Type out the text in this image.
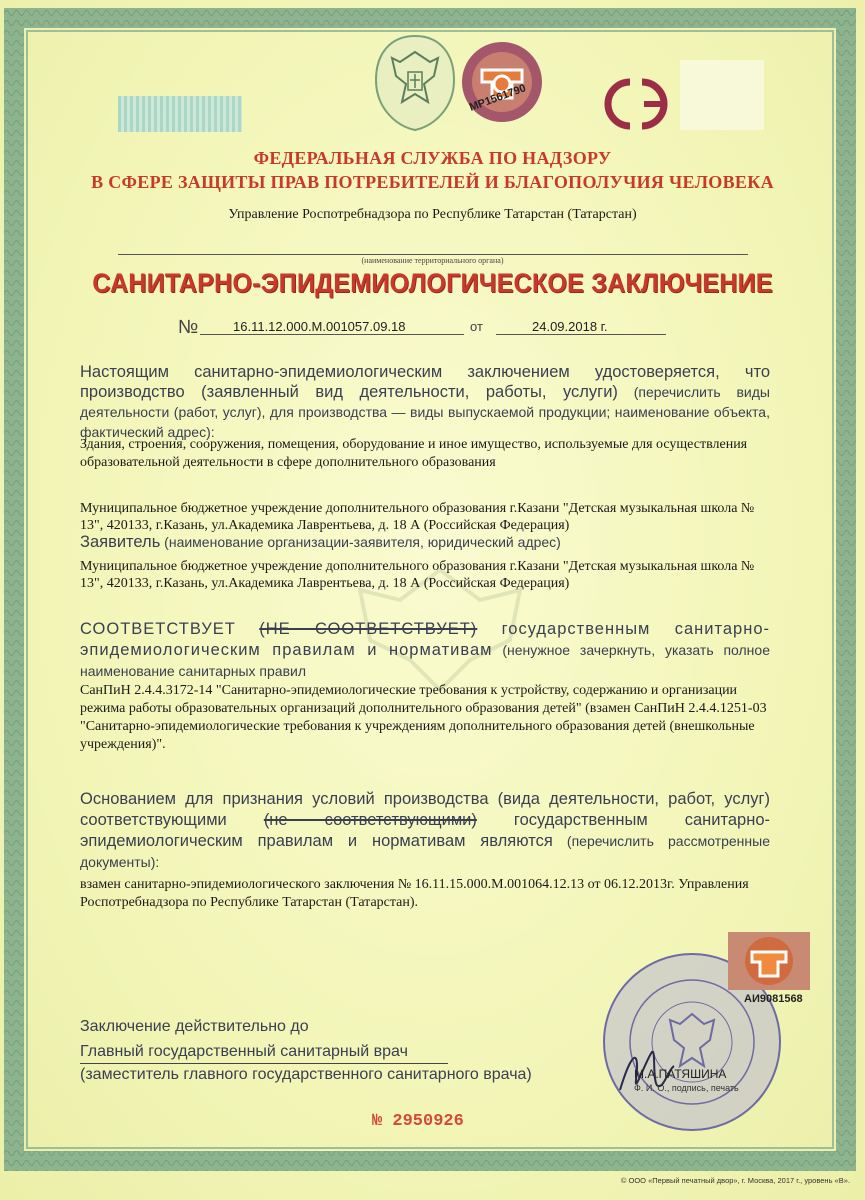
МР1561790
СЭ
ФЕДЕРАЛЬНАЯ СЛУЖБА ПО НАДЗОРУ
В СФЕРЕ ЗАЩИТЫ ПРАВ ПОТРЕБИТЕЛЕЙ И БЛАГОПОЛУЧИЯ ЧЕЛОВЕКА
Управление Роспотребнадзора по Республике Татарстан (Татарстан)
(наименование территориального органа)
САНИТАРНО-ЭПИДЕМИОЛОГИЧЕСКОЕ ЗАКЛЮЧЕНИЕ
№	16.11.12.000.М.001057.09.18	от	24.09.2018 г.
Настоящим санитарно-эпидемиологическим заключением удостоверяется, что производство (заявленный вид деятельности, работы, услуги) (перечислить виды деятельности (работ, услуг), для производства — виды выпускаемой продукции; наименование объекта, фактический адрес):
Здания, строения, сооружения, помещения, оборудование и иное имущество, используемые для осуществления образовательной деятельности в сфере дополнительного образования
Муниципальное бюджетное учреждение дополнительного образования г.Казани "Детская музыкальная школа №
13", 420133, г.Казань, ул.Академика Лаврентьева, д. 18 А (Российская Федерация)
Заявитель (наименование организации-заявителя, юридический адрес)
Муниципальное бюджетное учреждение дополнительного образования г.Казани "Детская музыкальная школа №
13", 420133, г.Казань, ул.Академика Лаврентьева, д. 18 А (Российская Федерация)
СООТВЕТСТВУЕТ (НЕ СООТВЕТСТВУЕТ) государственным санитарно-эпидемиологическим правилам и нормативам (ненужное зачеркнуть, указать полное наименование санитарных правил
СанПиН 2.4.4.3172-14 "Санитарно-эпидемиологические требования к устройству, содержанию и организации режима работы образовательных организаций дополнительного образования детей" (взамен СанПиН 2.4.4.1251-03 "Санитарно-эпидемиологические требования к учреждениям дополнительного образования детей (внешкольные учреждения)".
Основанием для признания условий производства (вида деятельности, работ, услуг) соответствующими (не соответствующими) государственным санитарно-эпидемиологическим правилам и нормативам являются (перечислить рассмотренные документы):
взамен санитарно-эпидемиологического заключения № 16.11.15.000.М.001064.12.13 от 06.12.2013г. Управления Роспотребнадзора по Республике Татарстан (Татарстан).
Заключение действительно до
Главный государственный санитарный врач
(заместитель главного государственного санитарного врача)
АИ9081568
М.А.ПАТЯШИНА
Ф. И. О., подпись, печать
№ 2950926
© ООО «Первый печатный двор», г. Москва, 2017 г., уровень «В».
